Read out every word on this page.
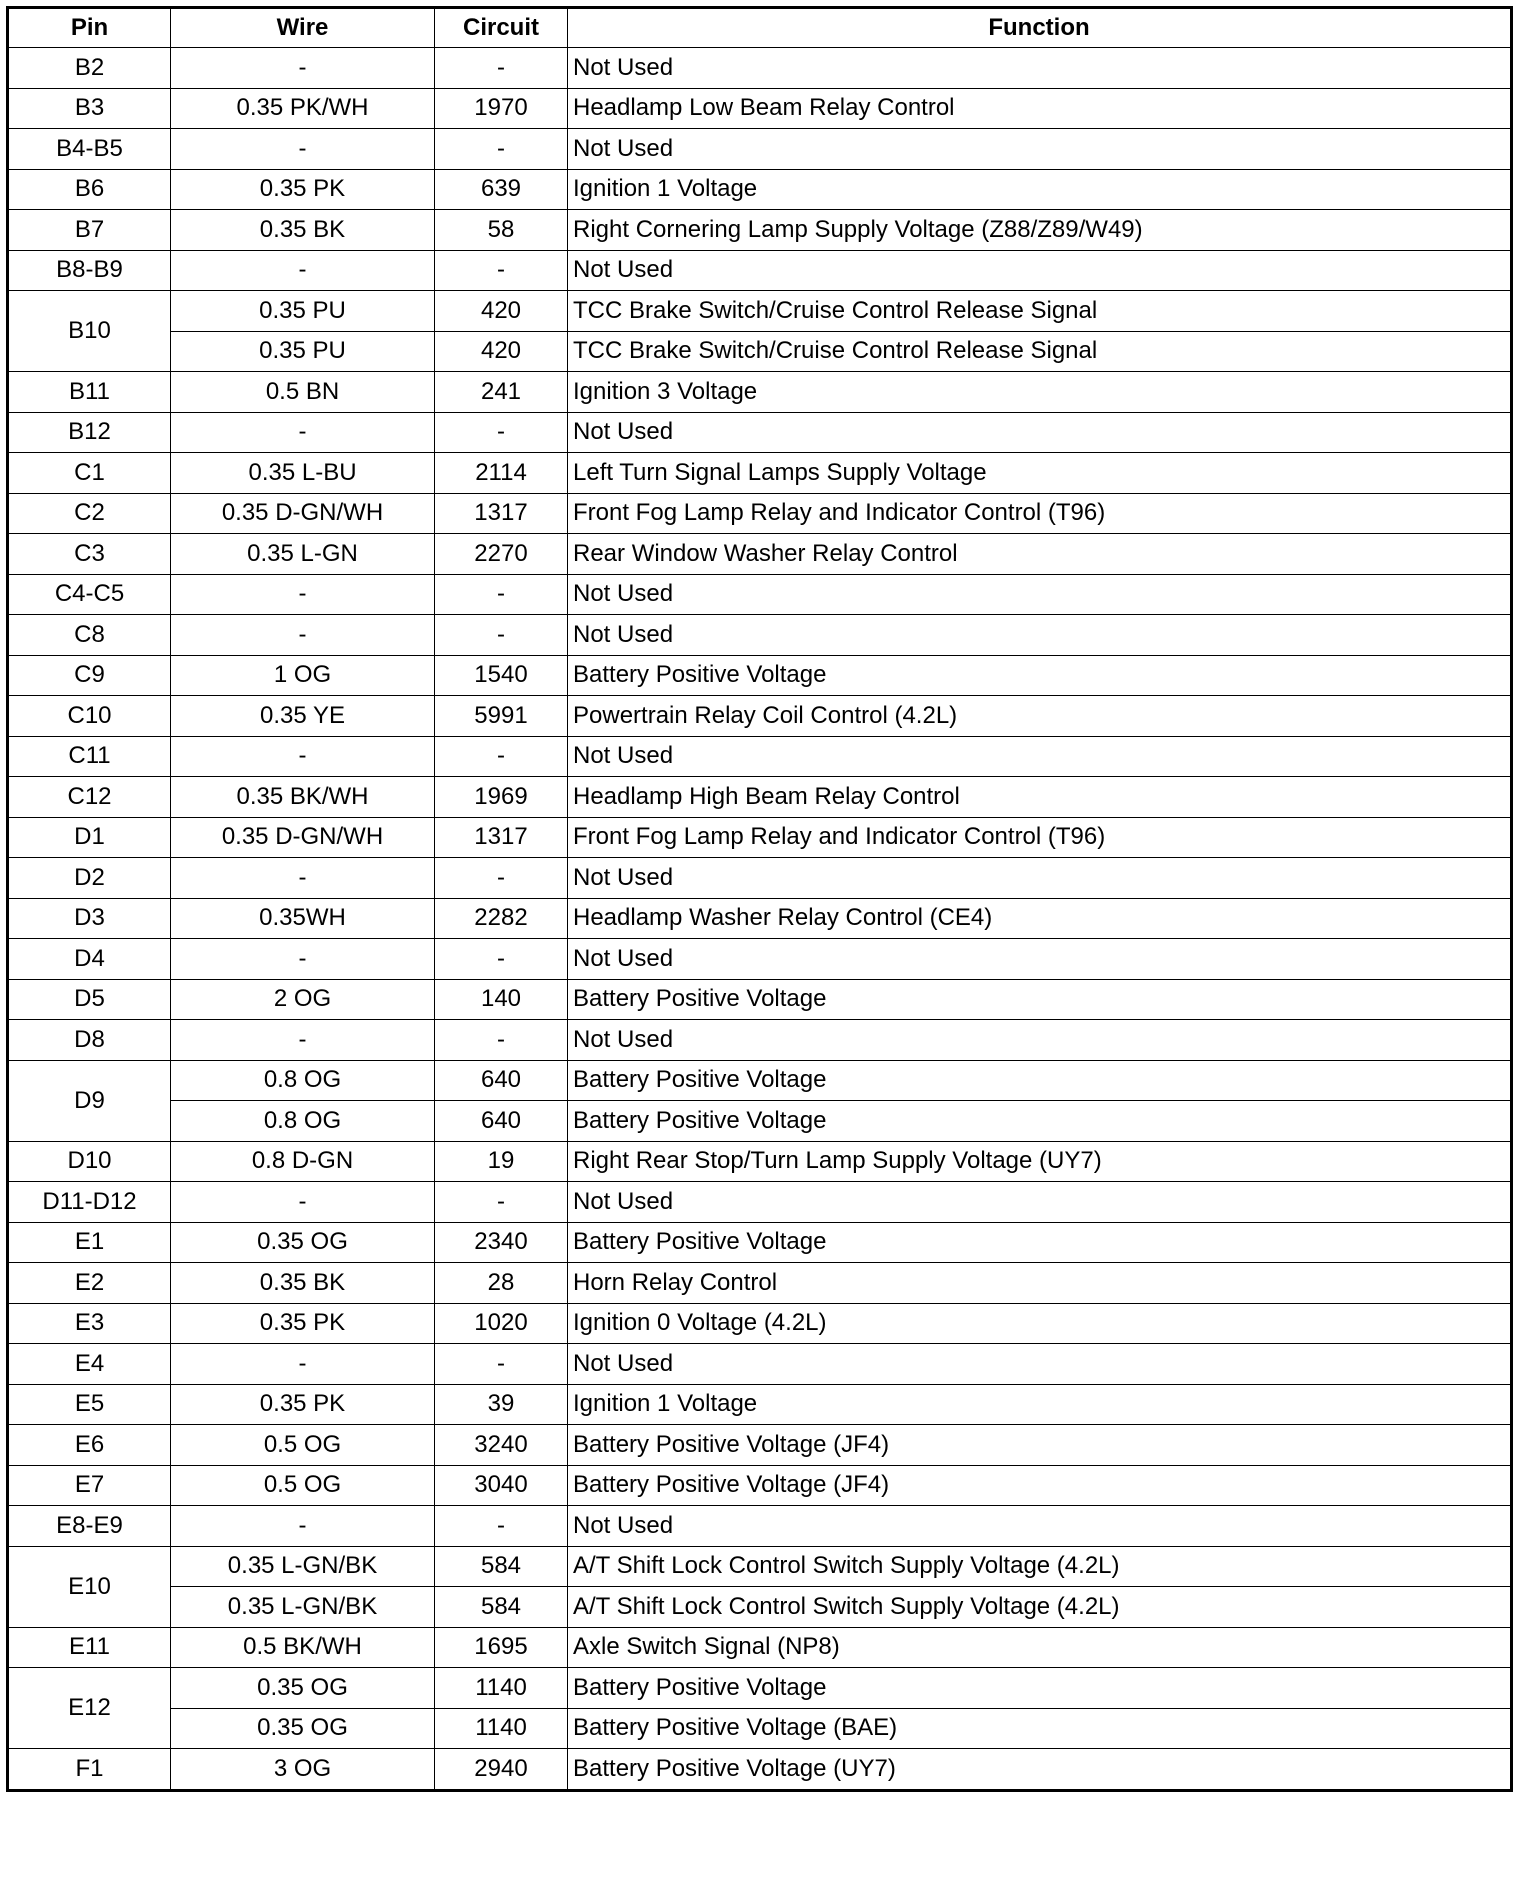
Pin	Wire	Circuit	Function
B2	-	-	Not Used
B3	0.35 PK/WH	1970	Headlamp Low Beam Relay Control
B4-B5	-	-	Not Used
B6	0.35 PK	639	Ignition 1 Voltage
B7	0.35 BK	58	Right Cornering Lamp Supply Voltage (Z88/Z89/W49)
B8-B9	-	-	Not Used
B10	0.35 PU	420	TCC Brake Switch/Cruise Control Release Signal
	0.35 PU	420	TCC Brake Switch/Cruise Control Release Signal
B11	0.5 BN	241	Ignition 3 Voltage
B12	-	-	Not Used
C1	0.35 L-BU	2114	Left Turn Signal Lamps Supply Voltage
C2	0.35 D-GN/WH	1317	Front Fog Lamp Relay and Indicator Control (T96)
C3	0.35 L-GN	2270	Rear Window Washer Relay Control
C4-C5	-	-	Not Used
C8	-	-	Not Used
C9	1 OG	1540	Battery Positive Voltage
C10	0.35 YE	5991	Powertrain Relay Coil Control (4.2L)
C11	-	-	Not Used
C12	0.35 BK/WH	1969	Headlamp High Beam Relay Control
D1	0.35 D-GN/WH	1317	Front Fog Lamp Relay and Indicator Control (T96)
D2	-	-	Not Used
D3	0.35WH	2282	Headlamp Washer Relay Control (CE4)
D4	-	-	Not Used
D5	2 OG	140	Battery Positive Voltage
D8	-	-	Not Used
D9	0.8 OG	640	Battery Positive Voltage
	0.8 OG	640	Battery Positive Voltage
D10	0.8 D-GN	19	Right Rear Stop/Turn Lamp Supply Voltage (UY7)
D11-D12	-	-	Not Used
E1	0.35 OG	2340	Battery Positive Voltage
E2	0.35 BK	28	Horn Relay Control
E3	0.35 PK	1020	Ignition 0 Voltage (4.2L)
E4	-	-	Not Used
E5	0.35 PK	39	Ignition 1 Voltage
E6	0.5 OG	3240	Battery Positive Voltage (JF4)
E7	0.5 OG	3040	Battery Positive Voltage (JF4)
E8-E9	-	-	Not Used
E10	0.35 L-GN/BK	584	A/T Shift Lock Control Switch Supply Voltage (4.2L)
	0.35 L-GN/BK	584	A/T Shift Lock Control Switch Supply Voltage (4.2L)
E11	0.5 BK/WH	1695	Axle Switch Signal (NP8)
E12	0.35 OG	1140	Battery Positive Voltage
	0.35 OG	1140	Battery Positive Voltage (BAE)
F1	3 OG	2940	Battery Positive Voltage (UY7)
